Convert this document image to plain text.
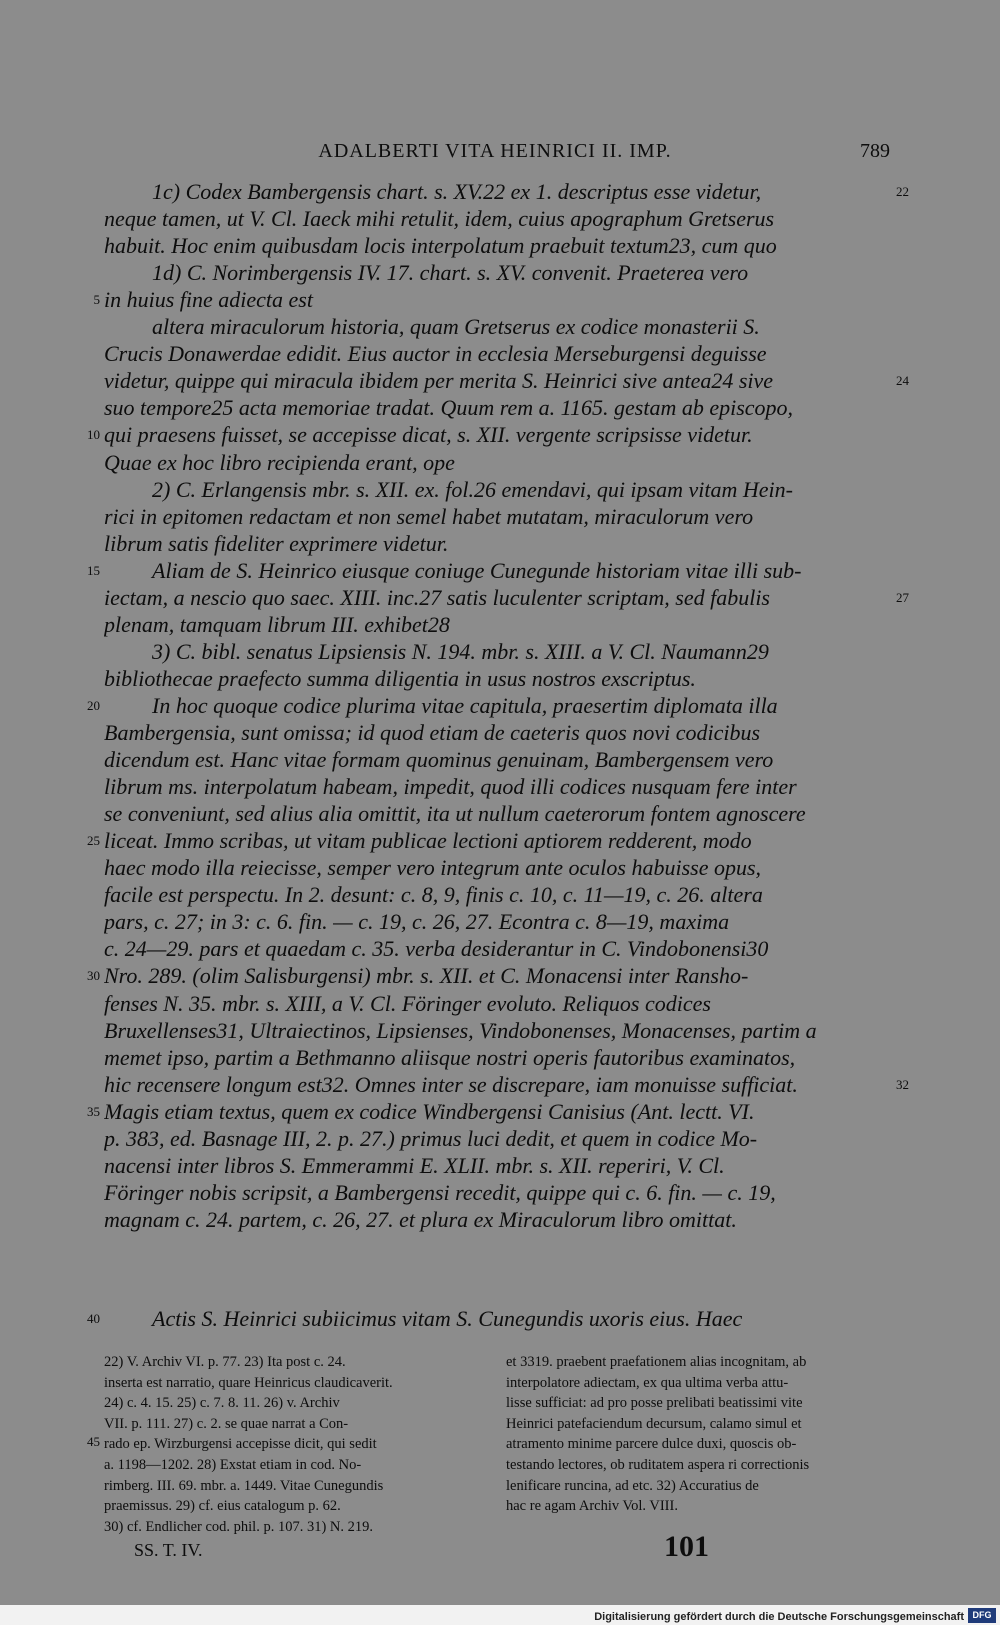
ADALBERTI VITA HEINRICI II. IMP.	789
1c) Codex Bambergensis chart. s. XV.22 ex 1. descriptus esse videtur,	22
neque tamen, ut V. Cl. Iaeck mihi retulit, idem, cuius apographum Gretserus
habuit. Hoc enim quibusdam locis interpolatum praebuit textum23, cum quo
1d) C. Norimbergensis IV. 17. chart. s. XV. convenit. Praeterea vero
in huius fine adiecta est
5
altera miraculorum historia, quam Gretserus ex codice monasterii S.
Crucis Donawerdae edidit. Eius auctor in ecclesia Merseburgensi deguisse
videtur, quippe qui miracula ibidem per merita S. Heinrici sive antea24 sive	24
suo tempore25 acta memoriae tradat. Quum rem a. 1165. gestam ab episcopo,
qui praesens fuisset, se accepisse dicat, s. XII. vergente scripsisse videtur.
10
Quae ex hoc libro recipienda erant, ope
2) C. Erlangensis mbr. s. XII. ex. fol.26 emendavi, qui ipsam vitam Hein-
rici in epitomen redactam et non semel habet mutatam, miraculorum vero
librum satis fideliter exprimere videtur.
Aliam de S. Heinrico eiusque coniuge Cunegunde historiam vitae illi sub-
15
iectam, a nescio quo saec. XIII. inc.27 satis luculenter scriptam, sed fabulis	27
plenam, tamquam librum III. exhibet28
3) C. bibl. senatus Lipsiensis N. 194. mbr. s. XIII. a V. Cl. Naumann29
bibliothecae praefecto summa diligentia in usus nostros exscriptus.
In hoc quoque codice plurima vitae capitula, praesertim diplomata illa
20
Bambergensia, sunt omissa; id quod etiam de caeteris quos novi codicibus
dicendum est. Hanc vitae formam quominus genuinam, Bambergensem vero
librum ms. interpolatum habeam, impedit, quod illi codices nusquam fere inter
se conveniunt, sed alius alia omittit, ita ut nullum caeterorum fontem agnoscere
liceat. Immo scribas, ut vitam publicae lectioni aptiorem redderent, modo
25
haec modo illa reiecisse, semper vero integrum ante oculos habuisse opus,
facile est perspectu. In 2. desunt: c. 8, 9, finis c. 10, c. 11—19, c. 26. altera
pars, c. 27; in 3: c. 6. fin. — c. 19, c. 26, 27. Econtra c. 8—19, maxima
c. 24—29. pars et quaedam c. 35. verba desiderantur in C. Vindobonensi30
Nro. 289. (olim Salisburgensi) mbr. s. XII. et C. Monacensi inter Ransho-
30
fenses N. 35. mbr. s. XIII, a V. Cl. Föringer evoluto. Reliquos codices
Bruxellenses31, Ultraiectinos, Lipsienses, Vindobonenses, Monacenses, partim a
memet ipso, partim a Bethmanno aliisque nostri operis fautoribus examinatos,
hic recensere longum est32. Omnes inter se discrepare, iam monuisse sufficiat.	32
Magis etiam textus, quem ex codice Windbergensi Canisius (Ant. lectt. VI.
35
p. 383, ed. Basnage III, 2. p. 27.) primus luci dedit, et quem in codice Mo-
nacensi inter libros S. Emmerammi E. XLII. mbr. s. XII. reperiri, V. Cl.
Föringer nobis scripsit, a Bambergensi recedit, quippe qui c. 6. fin. — c. 19,
magnam c. 24. partem, c. 26, 27. et plura ex Miraculorum libro omittat.
40	Actis S. Heinrici subiicimus vitam S. Cunegundis uxoris eius. Haec
22) V. Archiv VI. p. 77. 23) Ita post c. 24.
inserta est narratio, quare Heinricus claudicaverit.
24) c. 4. 15. 25) c. 7. 8. 11. 26) v. Archiv
VII. p. 111. 27) c. 2. se quae narrat a Con-
rado ep. Wirzburgensi accepisse dicit, qui sedit
a. 1198—1202. 28) Exstat etiam in cod. No-
rimberg. III. 69. mbr. a. 1449. Vitae Cunegundis
praemissus. 29) cf. eius catalogum p. 62.
30) cf. Endlicher cod. phil. p. 107. 31) N. 219.
et 3319. praebent praefationem alias incognitam, ab
interpolatore adiectam, ex qua ultima verba attu-
lisse sufficiat: ad pro posse prelibati beatissimi vite
Heinrici patefaciendum decursum, calamo simul et
atramento minime parcere dulce duxi, quoscis ob-
testando lectores, ob ruditatem aspera ri correctionis
lenificare runcina, ad etc. 32) Accuratius de
hac re agam Archiv Vol. VIII.
45
SS. T. IV.	101
Digitalisierung gefördert durch die Deutsche Forschungsgemeinschaft DFG
